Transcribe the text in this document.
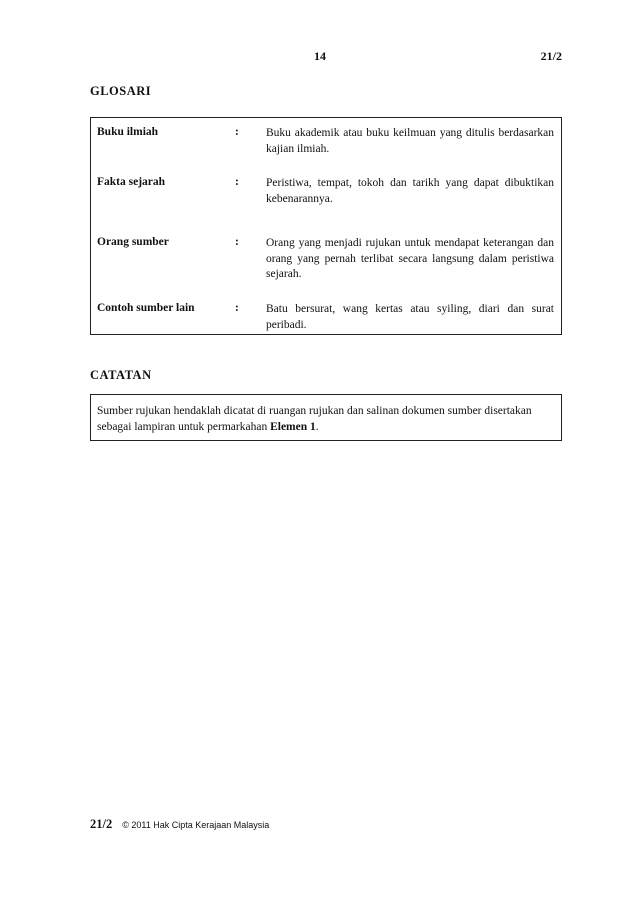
14	21/2
GLOSARI
Buku ilmiah	: Buku akademik atau buku keilmuan yang ditulis berdasarkan kajian ilmiah.
Fakta sejarah	: Peristiwa, tempat, tokoh dan tarikh yang dapat dibuktikan kebenarannya.
Orang sumber	: Orang yang menjadi rujukan untuk mendapat keterangan dan orang yang pernah terlibat secara langsung dalam peristiwa sejarah.
Contoh sumber lain	: Batu bersurat, wang kertas atau syiling, diari dan surat peribadi.
CATATAN
Sumber rujukan hendaklah dicatat di ruangan rujukan dan salinan dokumen sumber disertakan sebagai lampiran untuk permarkahan Elemen 1.
21/2 © 2011 Hak Cipta Kerajaan Malaysia
